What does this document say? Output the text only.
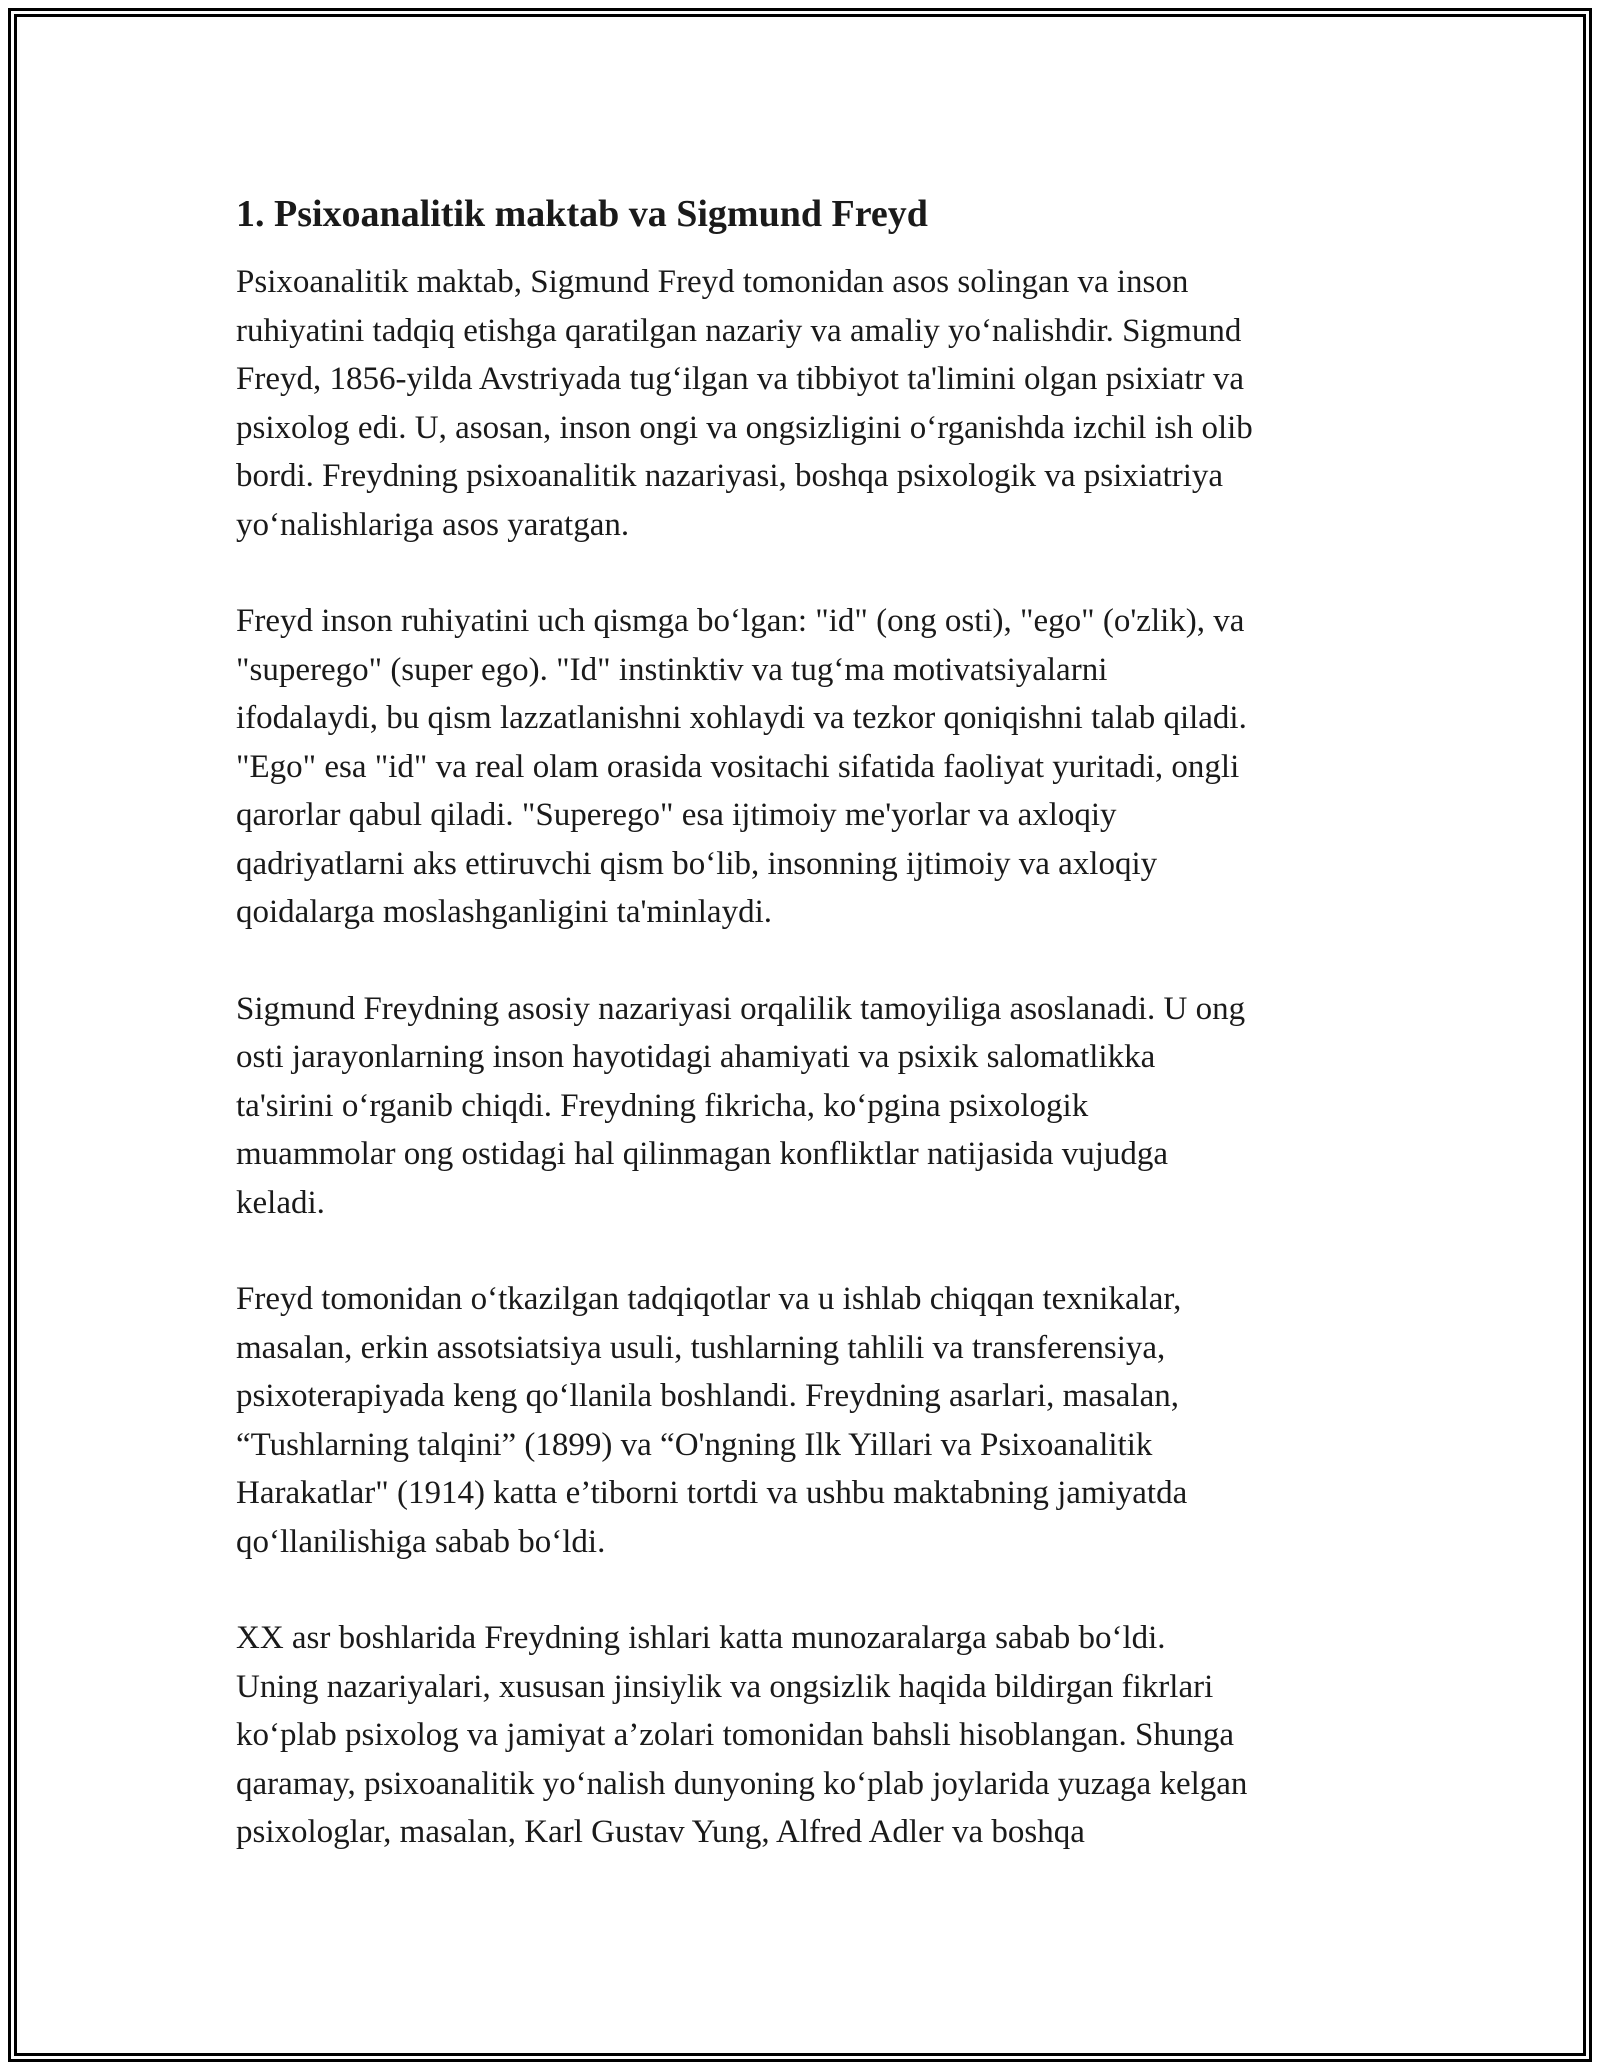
1. Psixoanalitik maktab va Sigmund Freyd
Psixoanalitik maktab, Sigmund Freyd tomonidan asos solingan va inson
ruhiyatini tadqiq etishga qaratilgan nazariy va amaliy yo‘nalishdir. Sigmund
Freyd, 1856-yilda Avstriyada tug‘ilgan va tibbiyot ta'limini olgan psixiatr va
psixolog edi. U, asosan, inson ongi va ongsizligini o‘rganishda izchil ish olib
bordi. Freydning psixoanalitik nazariyasi, boshqa psixologik va psixiatriya
yo‘nalishlariga asos yaratgan.
Freyd inson ruhiyatini uch qismga bo‘lgan: "id" (ong osti), "ego" (o'zlik), va
"superego" (super ego). "Id" instinktiv va tug‘ma motivatsiyalarni
ifodalaydi, bu qism lazzatlanishni xohlaydi va tezkor qoniqishni talab qiladi.
"Ego" esa "id" va real olam orasida vositachi sifatida faoliyat yuritadi, ongli
qarorlar qabul qiladi. "Superego" esa ijtimoiy me'yorlar va axloqiy
qadriyatlarni aks ettiruvchi qism bo‘lib, insonning ijtimoiy va axloqiy
qoidalarga moslashganligini ta'minlaydi.
Sigmund Freydning asosiy nazariyasi orqalilik tamoyiliga asoslanadi. U ong
osti jarayonlarning inson hayotidagi ahamiyati va psixik salomatlikka
ta'sirini o‘rganib chiqdi. Freydning fikricha, ko‘pgina psixologik
muammolar ong ostidagi hal qilinmagan konfliktlar natijasida vujudga
keladi.
Freyd tomonidan o‘tkazilgan tadqiqotlar va u ishlab chiqqan texnikalar,
masalan, erkin assotsiatsiya usuli, tushlarning tahlili va transferensiya,
psixoterapiyada keng qo‘llanila boshlandi. Freydning asarlari, masalan,
“Tushlarning talqini” (1899) va “O'ngning Ilk Yillari va Psixoanalitik
Harakatlar" (1914) katta e’tiborni tortdi va ushbu maktabning jamiyatda
qo‘llanilishiga sabab bo‘ldi.
XX asr boshlarida Freydning ishlari katta munozaralarga sabab bo‘ldi.
Uning nazariyalari, xususan jinsiylik va ongsizlik haqida bildirgan fikrlari
ko‘plab psixolog va jamiyat a’zolari tomonidan bahsli hisoblangan. Shunga
qaramay, psixoanalitik yo‘nalish dunyoning ko‘plab joylarida yuzaga kelgan
psixologlar, masalan, Karl Gustav Yung, Alfred Adler va boshqa
